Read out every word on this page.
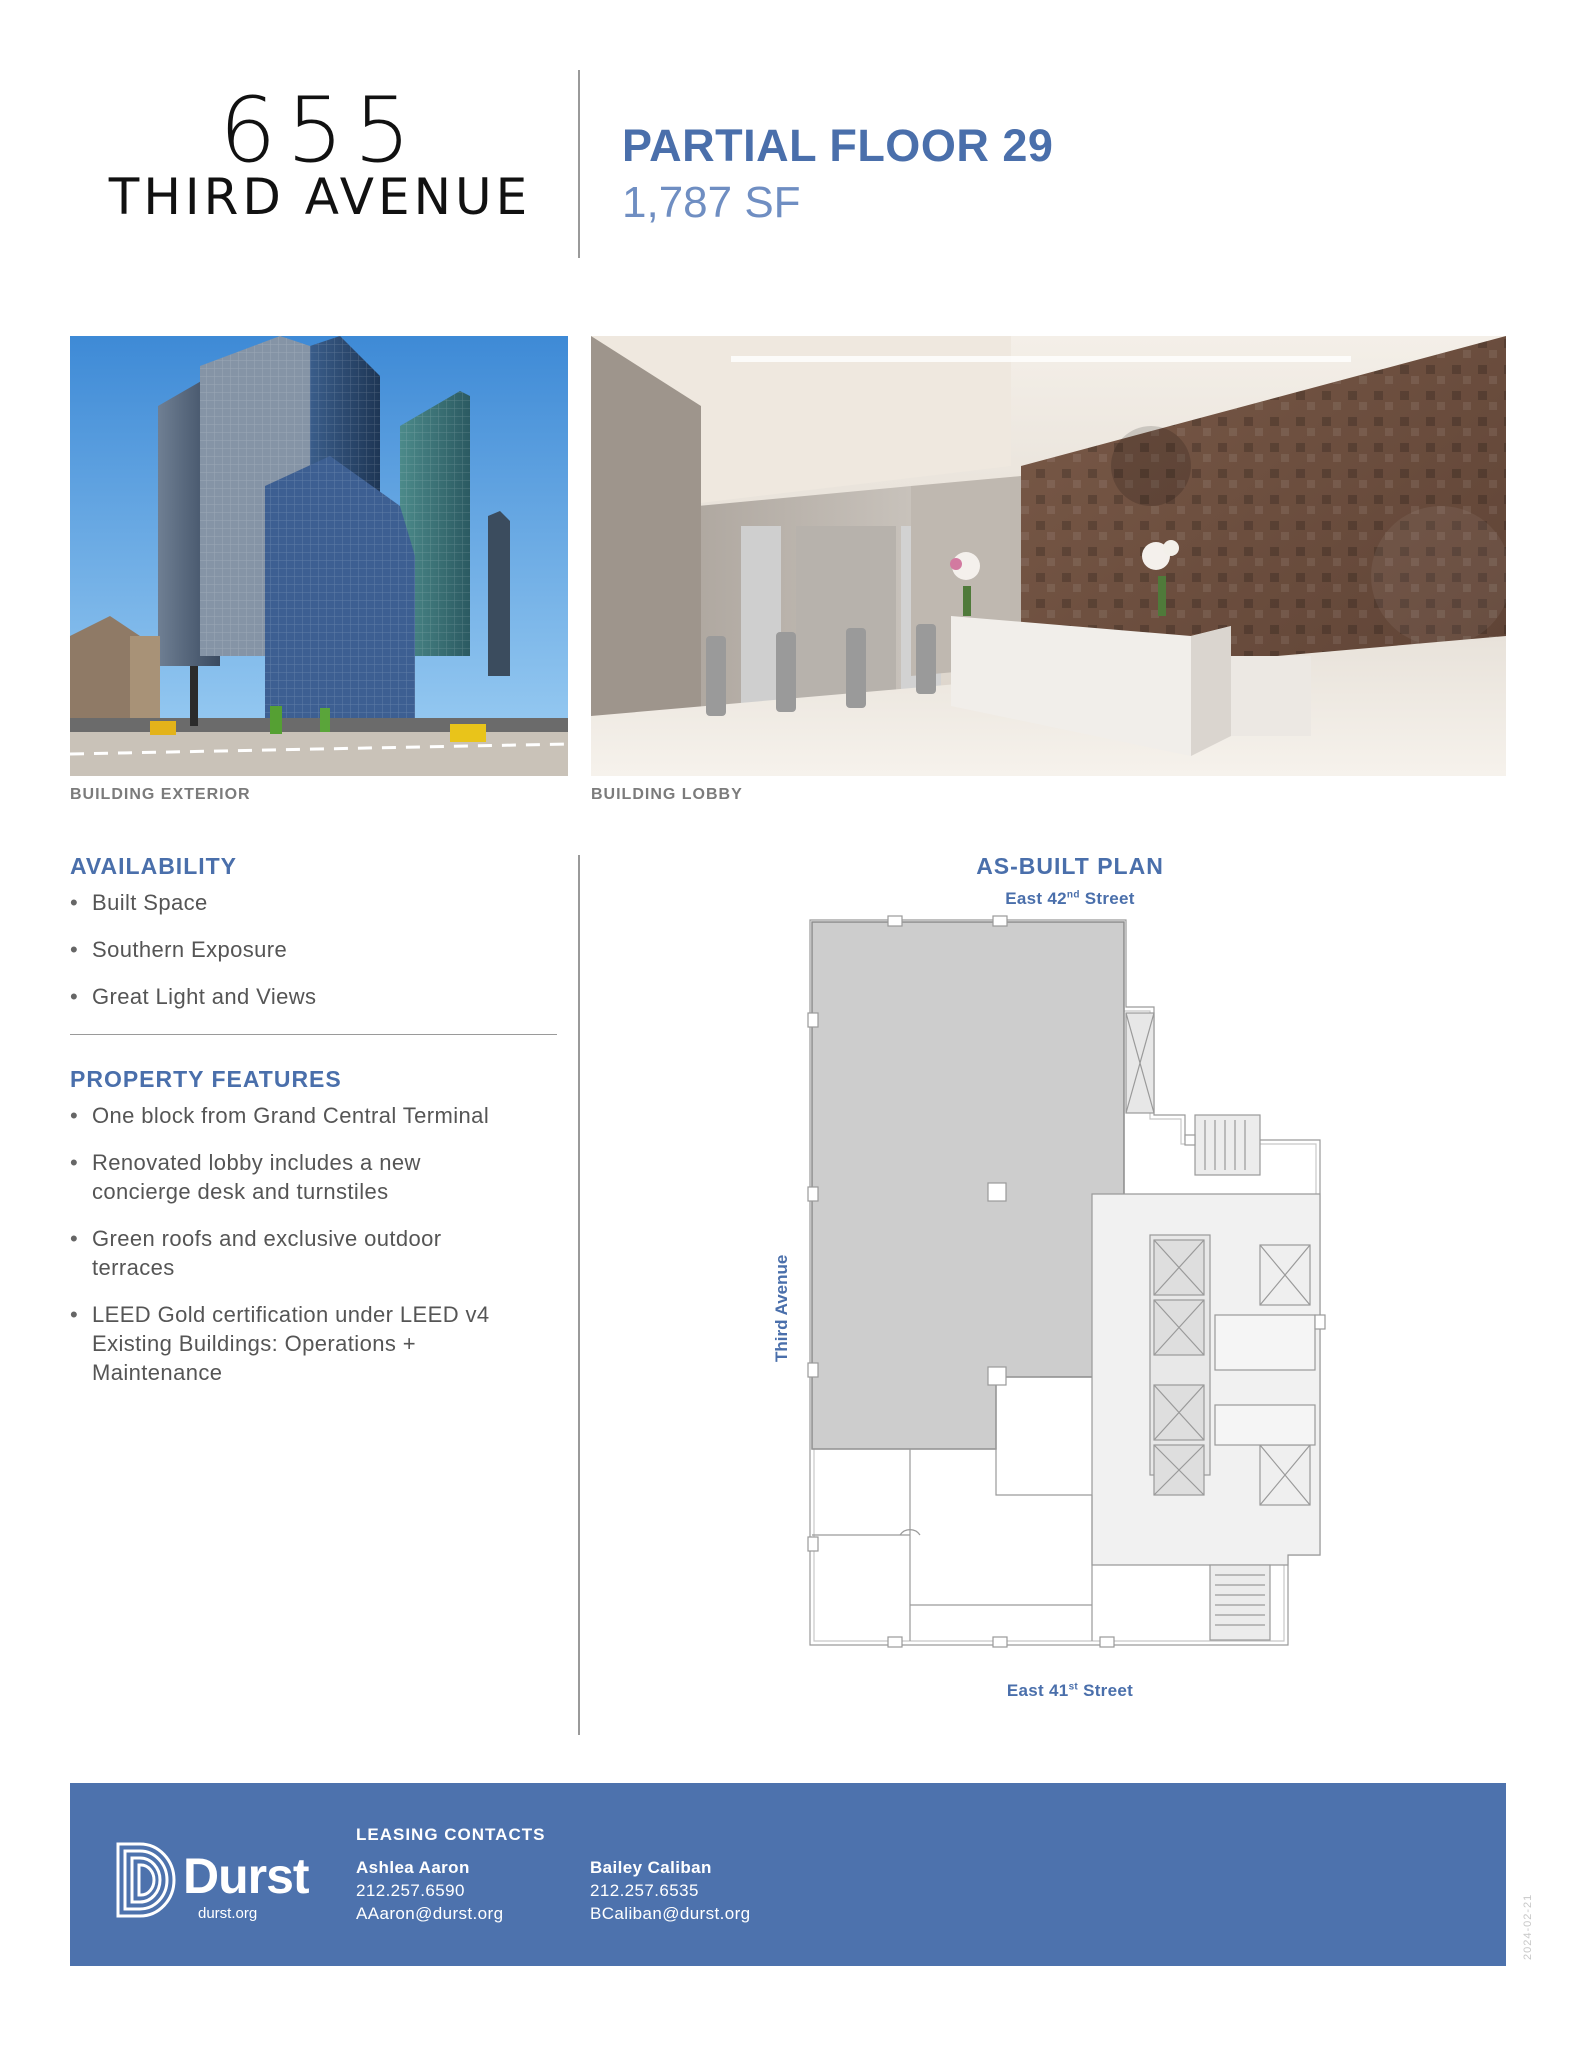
655
THIRD AVENUE
PARTIAL FLOOR 29
1,787 SF
BUILDING EXTERIOR	BUILDING LOBBY
AVAILABILITY
• Built Space
• Southern Exposure
• Great Light and Views
PROPERTY FEATURES
• One block from Grand Central Terminal
• Renovated lobby includes a new concierge desk and turnstiles
• Green roofs and exclusive outdoor terraces
• LEED Gold certification under LEED v4 Existing Buildings: Operations + Maintenance
AS-BUILT PLAN
East 42nd Street
East 41st Street
Third Avenue
Durst
durst.org
LEASING CONTACTS
Ashlea Aaron
212.257.6590
AAaron@durst.org
Bailey Caliban
212.257.6535
BCaliban@durst.org	2024-02-21
